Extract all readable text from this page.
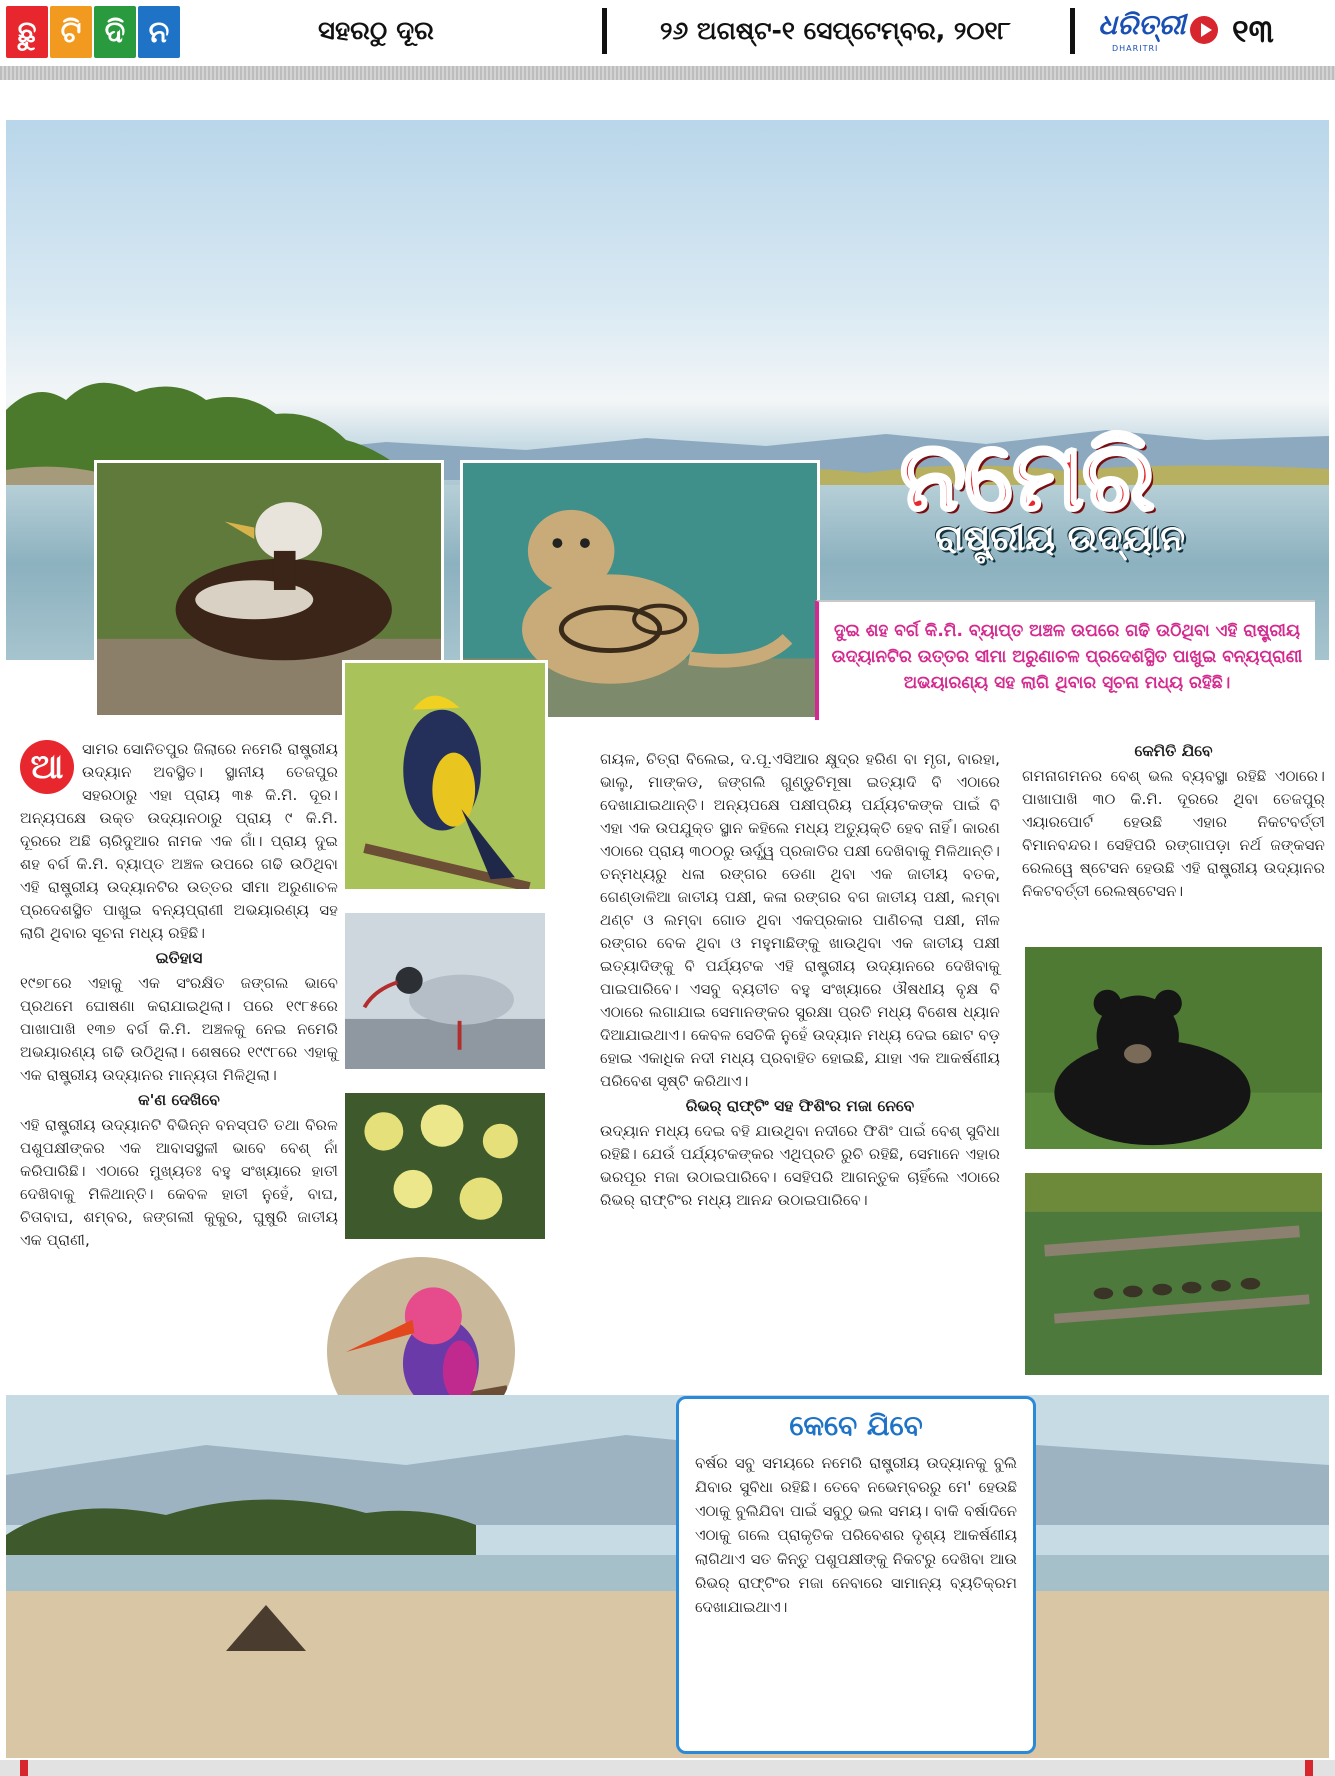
ଛୁ ଟି ଦି ନ	ସହରଠୁ ଦୂର	୨୬ ଅଗଷ୍ଟ-୧ ସେପ୍ଟେମ୍ବର, ୨୦୧୮	ଧରିତ୍ରୀ
DHARITRI ୧୩
ନମେରି
ରାଷ୍ଟ୍ରୀୟ ଉଦ୍ୟାନ
ଦୁଇ ଶହ ବର୍ଗ କି.ମି. ବ୍ୟାପ୍ତ ଅଞ୍ଚଳ ଉପରେ ଗଢି ଉଠିଥିବା ଏହି ରାଷ୍ଟ୍ରୀୟ ଉଦ୍ୟାନଟିର ଉତ୍ତର ସୀମା ଅରୁଣାଚଳ ପ୍ରଦେଶସ୍ଥିତ ପାଖୁଇ ବନ୍ୟପ୍ରାଣୀ ଅଭୟାରଣ୍ୟ ସହ ଲାଗି ଥିବାର ସୂଚନା ମଧ୍ୟ ରହିଛି।
ଆ	ସାମର ସୋନିତପୁର ଜିଲାରେ ନମେରି ରାଷ୍ଟ୍ରୀୟ ଉଦ୍ୟାନ ଅବସ୍ଥିତ। ସ୍ଥାନୀୟ ତେଜପୁର ସହରଠାରୁ ଏହା ପ୍ରାୟ ୩୫ କି.ମି. ଦୂର। ଅନ୍ୟପକ୍ଷେ ଉକ୍ତ ଉଦ୍ୟାନଠାରୁ ପ୍ରାୟ ୯ କି.ମି. ଦୂରରେ ଅଛି ଚାରିଦୁଆର ନାମକ ଏକ ଗାଁ। ପ୍ରାୟ ଦୁଇ ଶହ ବର୍ଗ କି.ମି. ବ୍ୟାପ୍ତ ଅଞ୍ଚଳ ଉପରେ ଗଢି ଉଠିଥିବା ଏହି ରାଷ୍ଟ୍ରୀୟ ଉଦ୍ୟାନଟିର ଉତ୍ତର ସୀମା ଅରୁଣାଚଳ ପ୍ରଦେଶସ୍ଥିତ ପାଖୁଇ ବନ୍ୟପ୍ରାଣୀ ଅଭୟାରଣ୍ୟ ସହ ଲାଗି ଥିବାର ସୂଚନା ମଧ୍ୟ ରହିଛି।

ଇତିହାସ

୧୯୭୮ରେ ଏହାକୁ ଏକ ସଂରକ୍ଷିତ ଜଙ୍ଗଲ ଭାବେ ପ୍ରଥମେ ଘୋଷଣା କରାଯାଇଥିଲା। ପରେ ୧୯୮୫ରେ ପାଖାପାଖି ୧୩୭ ବର୍ଗ କି.ମି. ଅଞ୍ଚଳକୁ ନେଇ ନମେରି ଅଭୟାରଣ୍ୟ ଗଢି ଉଠିଥିଲା। ଶେଷରେ ୧୯୯୮ରେ ଏହାକୁ ଏକ ରାଷ୍ଟ୍ରୀୟ ଉଦ୍ୟାନର ମାନ୍ୟତା ମିଳିଥିଲା।

କ'ଣ ଦେଖିବେ

ଏହି ରାଷ୍ଟ୍ରୀୟ ଉଦ୍ୟାନଟି ବିଭିନ୍ନ ବନସ୍ପତି ତଥା ବିରଳ ପଶୁପକ୍ଷୀଙ୍କର ଏକ ଆବାସସ୍ଥଳୀ ଭାବେ ବେଶ୍ ନାଁ କରିପାରିଛି। ଏଠାରେ ମୁଖ୍ୟତଃ ବହୁ ସଂଖ୍ୟାରେ ହାତୀ ଦେଖିବାକୁ ମିଳିଥାନ୍ତି। କେବଳ ହାତୀ ନୁହେଁ, ବାଘ, ଚିତାବାଘ, ଶମ୍ବର, ଜଙ୍ଗଲୀ କୁକୁର, ଘୁଷୁରି ଜାତୀୟ ଏକ ପ୍ରାଣୀ,

ଗୟଳ, ଚିତ୍ରା ବିଲେଇ, ଦ.ପୂ.ଏସିଆର କ୍ଷୁଦ୍ର ହରିଣ ବା ମୃଗ, ବାରହା, ଭାଲୁ, ମାଙ୍କଡ, ଜଙ୍ଗଲି ଗୁଣ୍ଡୁଚିମୂଷା ଇତ୍ୟାଦି ବି ଏଠାରେ ଦେଖାଯାଇଥାନ୍ତି। ଅନ୍ୟପକ୍ଷେ ପକ୍ଷୀପ୍ରିୟ ପର୍ଯ୍ୟଟକଙ୍କ ପାଇଁ ବି ଏହା ଏକ ଉପଯୁକ୍ତ ସ୍ଥାନ କହିଲେ ମଧ୍ୟ ଅତ୍ୟୁକ୍ତି ହେବ ନାହିଁ। କାରଣ ଏଠାରେ ପ୍ରାୟ ୩୦୦ରୁ ଊର୍ଦ୍ଧ୍ୱ ପ୍ରଜାତିର ପକ୍ଷୀ ଦେଖିବାକୁ ମିଳିଥାନ୍ତି। ତନ୍ମଧ୍ୟରୁ ଧଳା ରଙ୍ଗର ଡେଣା ଥିବା ଏକ ଜାତୀୟ ବତକ, ଗେଣ୍ଡାଳିଆ ଜାତୀୟ ପକ୍ଷୀ, କଳା ରଙ୍ଗର ବଗ ଜାତୀୟ ପକ୍ଷୀ, ଲମ୍ବା ଥଣ୍ଟ ଓ ଲମ୍ବା ଗୋଡ ଥିବା ଏକପ୍ରକାର ପାଣିଚଲା ପକ୍ଷୀ, ନୀଳ ରଙ୍ଗର ବେକ ଥିବା ଓ ମହୁମାଛିଙ୍କୁ ଖାଉଥିବା ଏକ ଜାତୀୟ ପକ୍ଷୀ ଇତ୍ୟାଦିଙ୍କୁ ବି ପର୍ଯ୍ୟଟକ ଏହି ରାଷ୍ଟ୍ରୀୟ ଉଦ୍ୟାନରେ ଦେଖିବାକୁ ପାଇପାରିବେ। ଏସବୁ ବ୍ୟତୀତ ବହୁ ସଂଖ୍ୟାରେ ଔଷଧୀୟ ବୃକ୍ଷ ବି ଏଠାରେ ଲଗାଯାଇ ସେମାନଙ୍କର ସୁରକ୍ଷା ପ୍ରତି ମଧ୍ୟ ବିଶେଷ ଧ୍ୟାନ ଦିଆଯାଇଥାଏ। କେବଳ ସେତିକି ନୁହେଁ ଉଦ୍ୟାନ ମଧ୍ୟ ଦେଇ ଛୋଟ ବଡ଼ ହୋଇ ଏକାଧିକ ନଦୀ ମଧ୍ୟ ପ୍ରବାହିତ ହୋଇଛି, ଯାହା ଏକ ଆକର୍ଷଣୀୟ ପରିବେଶ ସୃଷ୍ଟି କରିଥାଏ।

ରିଭର୍ ରାଫ୍ଟିଂ ସହ ଫିଶିଂର ମଜା ନେବେ

ଉଦ୍ୟାନ ମଧ୍ୟ ଦେଇ ବହି ଯାଉଥିବା ନଦୀରେ ଫିଶିଂ ପାଇଁ ବେଶ୍ ସୁବିଧା ରହିଛି। ଯେଉଁ ପର୍ଯ୍ୟଟକଙ୍କର ଏଥିପ୍ରତି ରୁଚି ରହିଛି, ସେମାନେ ଏହାର ଭରପୂର ମଜା ଉଠାଇପାରିବେ। ସେହିପରି ଆଗନ୍ତୁକ ଚାହିଁଲେ ଏଠାରେ ରିଭର୍ ରାଫ୍ଟିଂର ମଧ୍ୟ ଆନନ୍ଦ ଉଠାଇପାରିବେ।

କେମିତି ଯିବେ

ଗମନାଗମନର ବେଶ୍ ଭଲ ବ୍ୟବସ୍ଥା ରହିଛି ଏଠାରେ। ପାଖାପାଖି ୩୦ କି.ମି. ଦୂରରେ ଥିବା ତେଜପୁର୍ ଏୟାରପୋର୍ଟ ହେଉଛି ଏହାର ନିକଟବର୍ତ୍ତୀ ବିମାନବନ୍ଦର। ସେହିପରି ରଙ୍ଗାପଡ଼ା ନର୍ଥ ଜଙ୍କସନ ରେଲୱେ ଷ୍ଟେସନ ହେଉଛି ଏହି ରାଷ୍ଟ୍ରୀୟ ଉଦ୍ୟାନର ନିକଟବର୍ତ୍ତୀ ରେଲଷ୍ଟେସନ।

କେବେ ଯିବେ

ବର୍ଷର ସବୁ ସମୟରେ ନମେରି ରାଷ୍ଟ୍ରୀୟ ଉଦ୍ୟାନକୁ ବୁଲି ଯିବାର ସୁବିଧା ରହିଛି। ତେବେ ନଭେମ୍ବରରୁ ମେ' ହେଉଛି ଏଠାକୁ ବୁଲିଯିବା ପାଇଁ ସବୁଠୁ ଭଲ ସମୟ। ବାକି ବର୍ଷାଦିନେ ଏଠାକୁ ଗଲେ ପ୍ରାକୃତିକ ପରିବେଶର ଦୃଶ୍ୟ ଆକର୍ଷଣୀୟ ଲାଗିଥାଏ ସତ କିନ୍ତୁ ପଶୁପକ୍ଷୀଙ୍କୁ ନିକଟରୁ ଦେଖିବା ଆଉ ରିଭର୍ ରାଫ୍ଟିଂର ମଜା ନେବାରେ ସାମାନ୍ୟ ବ୍ୟତିକ୍ରମ ଦେଖାଯାଇଥାଏ।
